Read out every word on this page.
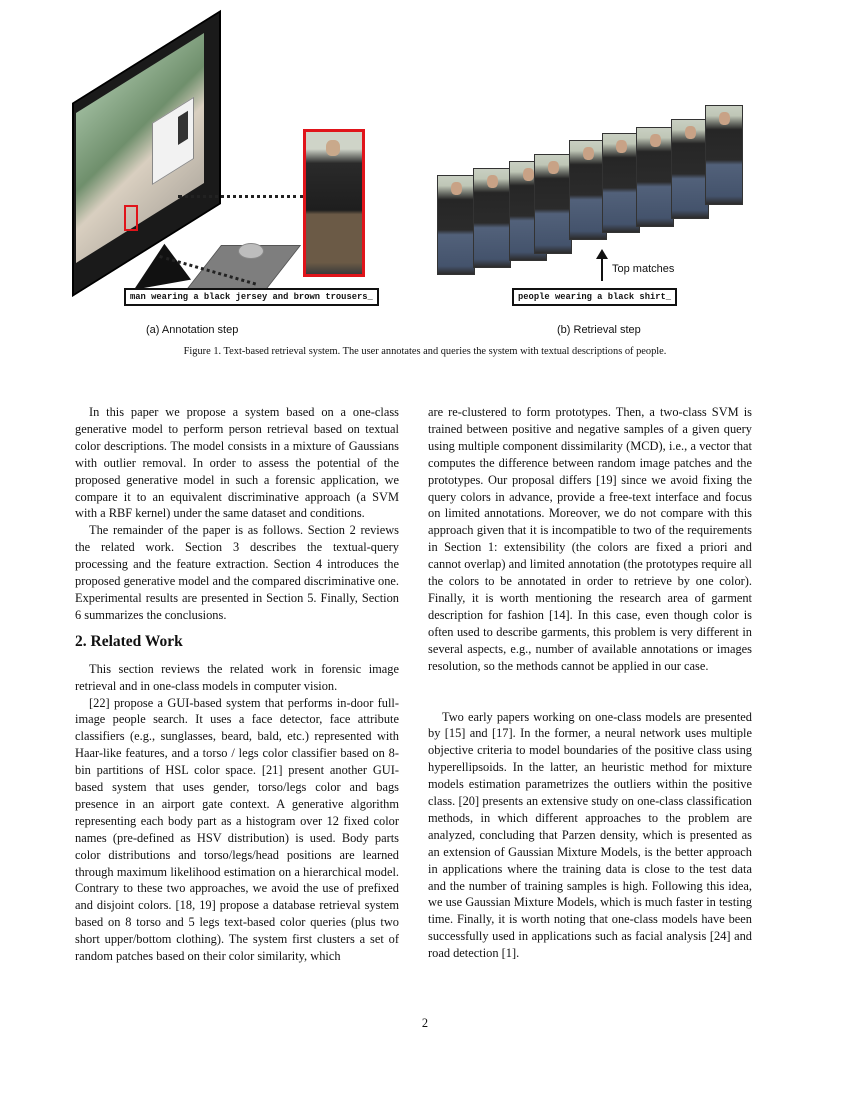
man wearing a black jersey and brown trousers_
Top matches
people wearing a black shirt_
(a) Annotation step	(b) Retrieval step
Figure 1. Text-based retrieval system. The user annotates and queries the system with textual descriptions of people.

In this paper we propose a system based on a one-class generative model to perform person retrieval based on textual color descriptions. The model consists in a mixture of Gaussians with outlier removal. In order to assess the potential of the proposed generative model in such a forensic application, we compare it to an equivalent discriminative approach (a SVM with a RBF kernel) under the same dataset and conditions.

The remainder of the paper is as follows. Section 2 reviews the related work. Section 3 describes the textual-query processing and the feature extraction. Section 4 introduces the proposed generative model and the compared discriminative one. Experimental results are presented in Section 5. Finally, Section 6 summarizes the conclusions.

2. Related Work

This section reviews the related work in forensic image retrieval and in one-class models in computer vision.

[22] propose a GUI-based system that performs in-door full-image people search. It uses a face detector, face attribute classifiers (e.g., sunglasses, beard, bald, etc.) represented with Haar-like features, and a torso / legs color classifier based on 8-bin partitions of HSL color space. [21] present another GUI-based system that uses gender, torso/legs color and bags presence in an airport gate context. A generative algorithm representing each body part as a histogram over 12 fixed color names (pre-defined as HSV distribution) is used. Body parts color distributions and torso/legs/head positions are learned through maximum likelihood estimation on a hierarchical model. Contrary to these two approaches, we avoid the use of prefixed and disjoint colors. [18, 19] propose a database retrieval system based on 8 torso and 5 legs text-based color queries (plus two short upper/bottom clothing). The system first clusters a set of random patches based on their color similarity, which

are re-clustered to form prototypes. Then, a two-class SVM is trained between positive and negative samples of a given query using multiple component dissimilarity (MCD), i.e., a vector that computes the difference between random image patches and the prototypes. Our proposal differs [19] since we avoid fixing the query colors in advance, provide a free-text interface and focus on limited annotations. Moreover, we do not compare with this approach given that it is incompatible to two of the requirements in Section 1: extensibility (the colors are fixed a priori and cannot overlap) and limited annotation (the prototypes require all the colors to be annotated in order to retrieve by one color). Finally, it is worth mentioning the research area of garment description for fashion [14]. In this case, even though color is often used to describe garments, this problem is very different in several aspects, e.g., number of available annotations or images resolution, so the methods cannot be applied in our case.

Two early papers working on one-class models are presented by [15] and [17]. In the former, a neural network uses multiple objective criteria to model boundaries of the positive class using hyperellipsoids. In the latter, an heuristic method for mixture models estimation parametrizes the outliers within the positive class. [20] presents an extensive study on one-class classification methods, in which different approaches to the problem are analyzed, concluding that Parzen density, which is presented as an extension of Gaussian Mixture Models, is the better approach in applications where the training data is close to the test data and the number of training samples is high. Following this idea, we use Gaussian Mixture Models, which is much faster in testing time. Finally, it is worth noting that one-class models have been successfully used in applications such as facial analysis [24] and road detection [1].

2
